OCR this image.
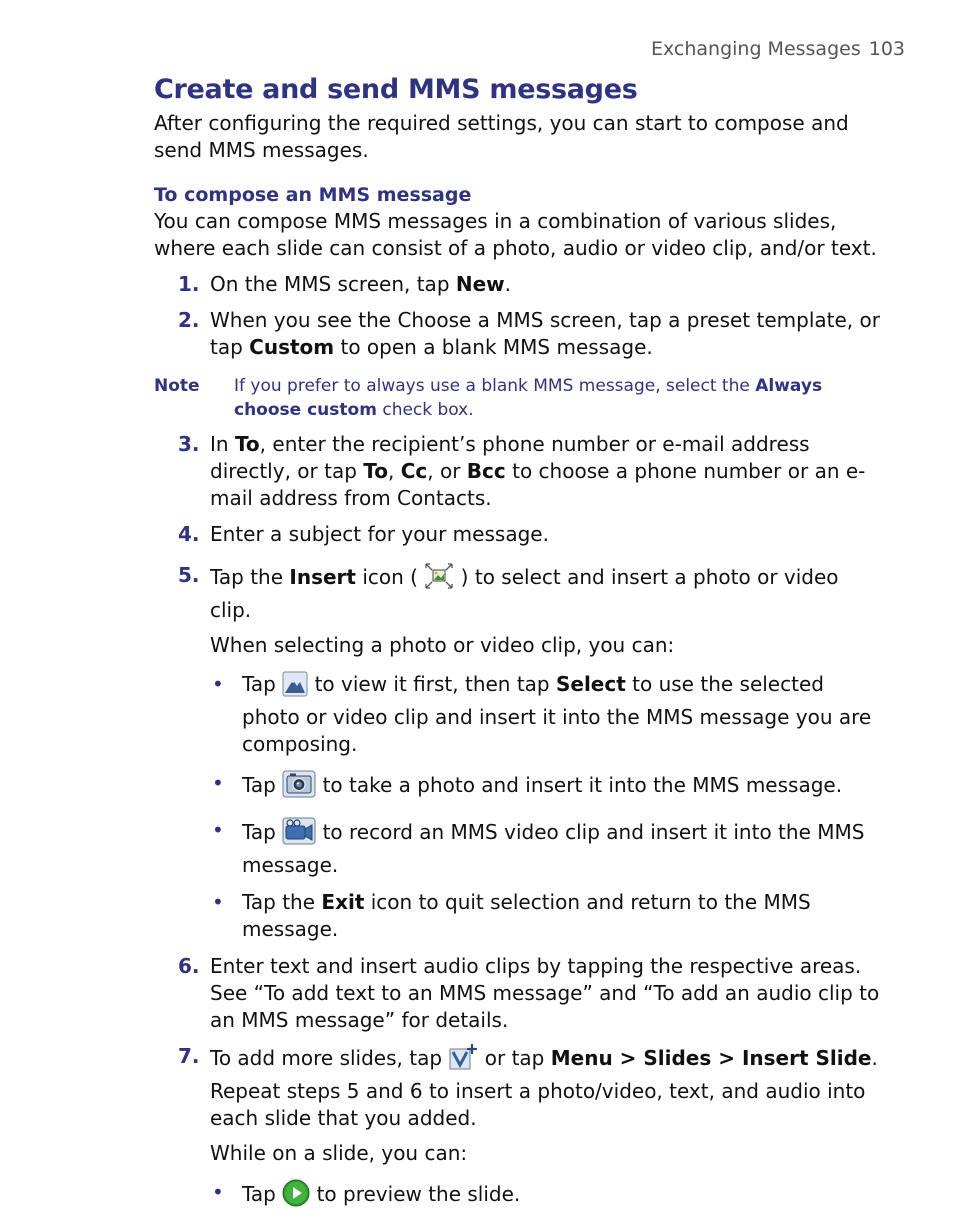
Exchanging Messages 103
Create and send MMS messages

After configuring the required settings, you can start to compose and send MMS messages.

To compose an MMS message

You can compose MMS messages in a combination of various slides, where each slide can consist of a photo, audio or video clip, and/or text.

1. On the MMS screen, tap New.
2. When you see the Choose a MMS screen, tap a preset template, or tap Custom to open a blank MMS message.
Note If you prefer to always use a blank MMS message, select the Always choose custom check box.
3. In To, enter the recipient’s phone number or e-mail address directly, or tap To, Cc, or Bcc to choose a phone number or an e-mail address from Contacts.
4. Enter a subject for your message.
5. Tap the Insert icon (  ) to select and insert a photo or video clip.
When selecting a photo or video clip, you can:
• Tap  to view it first, then tap Select to use the selected photo or video clip and insert it into the MMS message you are composing.
• Tap  to take a photo and insert it into the MMS message.
• Tap  to record an MMS video clip and insert it into the MMS message.
• Tap the Exit icon to quit selection and return to the MMS message.
6. Enter text and insert audio clips by tapping the respective areas. See “To add text to an MMS message” and “To add an audio clip to an MMS message” for details.
7. To add more slides, tap  or tap Menu > Slides > Insert Slide. Repeat steps 5 and 6 to insert a photo/video, text, and audio into each slide that you added.
While on a slide, you can:
• Tap  to preview the slide.
